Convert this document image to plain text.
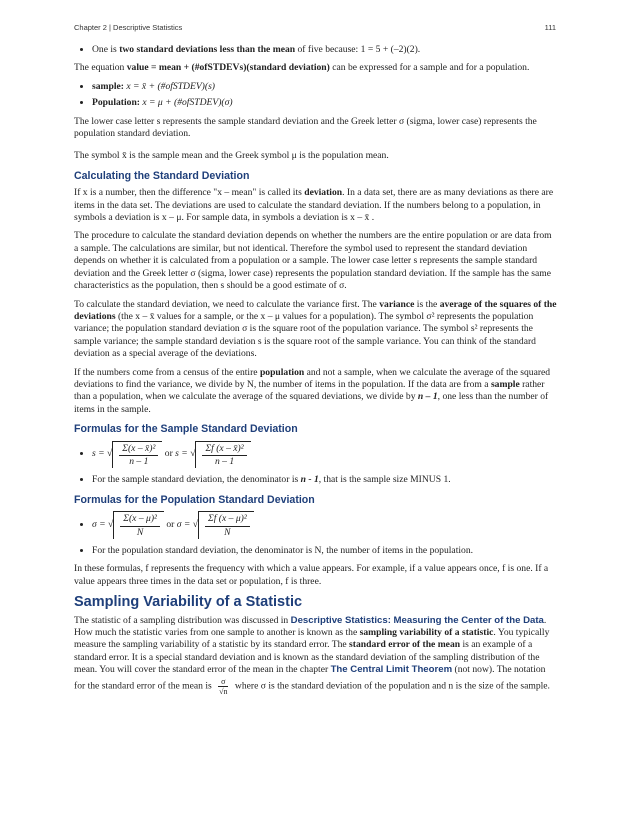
Chapter 2 | Descriptive Statistics	111
• One is two standard deviations less than the mean of five because: 1 = 5 + (–2)(2).

The equation value = mean + (#ofSTDEVs)(standard deviation) can be expressed for a sample and for a population.

• sample: x = x̄ + (#ofSTDEV)(s)
• Population: x = μ + (#ofSTDEV)(σ)

The lower case letter s represents the sample standard deviation and the Greek letter σ (sigma, lower case) represents the population standard deviation.

The symbol x̄ is the sample mean and the Greek symbol μ is the population mean.

Calculating the Standard Deviation

If x is a number, then the difference "x – mean" is called its deviation. In a data set, there are as many deviations as there are items in the data set. The deviations are used to calculate the standard deviation. If the numbers belong to a population, in symbols a deviation is x – μ. For sample data, in symbols a deviation is x – x̄ .

The procedure to calculate the standard deviation depends on whether the numbers are the entire population or are data from a sample. The calculations are similar, but not identical. Therefore the symbol used to represent the standard deviation depends on whether it is calculated from a population or a sample. The lower case letter s represents the sample standard deviation and the Greek letter σ (sigma, lower case) represents the population standard deviation. If the sample has the same characteristics as the population, then s should be a good estimate of σ.

To calculate the standard deviation, we need to calculate the variance first. The variance is the average of the squares of the deviations (the x – x̄ values for a sample, or the x – μ values for a population). The symbol σ² represents the population variance; the population standard deviation σ is the square root of the population variance. The symbol s² represents the sample variance; the sample standard deviation s is the square root of the sample variance. You can think of the standard deviation as a special average of the deviations.

If the numbers come from a census of the entire population and not a sample, when we calculate the average of the squared deviations to find the variance, we divide by N, the number of items in the population. If the data are from a sample rather than a population, when we calculate the average of the squared deviations, we divide by n – 1, one less than the number of items in the sample.

Formulas for the Sample Standard Deviation
• s =
√ $\frac{\text{Σ(x – x̄)²}}{n - 1}$
or
s =
√ $\frac{\text{Σf (x – x̄)²}}{n - 1}$
• For the sample standard deviation, the denominator is n - 1, that is the sample size MINUS 1.
Formulas for the Population Standard Deviation
• σ =
√ $\frac{\text{Σ(x – μ)²}}{N}$
or
σ =
√ $\frac{\text{Σf (x – μ)²}}{N}$
• For the population standard deviation, the denominator is N, the number of items in the population.

In these formulas, f represents the frequency with which a value appears. For example, if a value appears once, f is one. If a value appears three times in the data set or population, f is three.

Sampling Variability of a Statistic

The statistic of a sampling distribution was discussed in Descriptive Statistics: Measuring the Center of the Data. How much the statistic varies from one sample to another is known as the sampling variability of a statistic. You typically measure the sampling variability of a statistic by its standard error. The standard error of the mean is an example of a standard error. It is a special standard deviation and is known as the standard deviation of the sampling distribution of the mean. You will cover the standard error of the mean in the chapter The Central Limit Theorem (not now). The notation for the standard error of the mean is $\frac{\sigma}{√n}$ where σ is the standard deviation of the population and n is the size of the sample.
